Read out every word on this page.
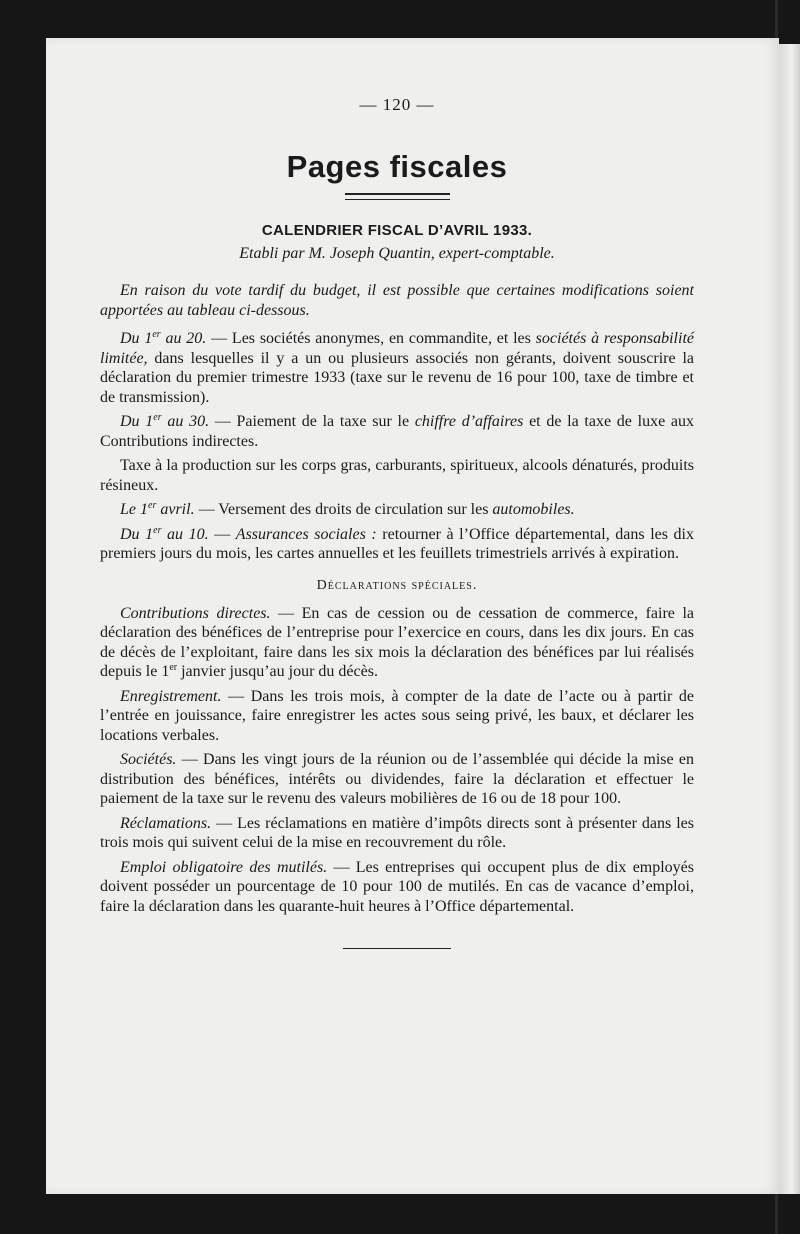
— 120 —
Pages fiscales
CALENDRIER FISCAL D’AVRIL 1933.
Etabli par M. Joseph Quantin, expert-comptable.

En raison du vote tardif du budget, il est possible que certaines modifications soient apportées au tableau ci-dessous.

Du 1er au 20. — Les sociétés anonymes, en commandite, et les sociétés à responsabilité limitée, dans lesquelles il y a un ou plusieurs associés non gérants, doivent souscrire la déclaration du premier trimestre 1933 (taxe sur le revenu de 16 pour 100, taxe de timbre et de transmission).

Du 1er au 30. — Paiement de la taxe sur le chiffre d’affaires et de la taxe de luxe aux Contributions indirectes.

Taxe à la production sur les corps gras, carburants, spiritueux, alcools dénaturés, produits résineux.

Le 1er avril. — Versement des droits de circulation sur les automobiles.

Du 1er au 10. — Assurances sociales : retourner à l’Office départemental, dans les dix premiers jours du mois, les cartes annuelles et les feuillets trimestriels arrivés à expiration.

Déclarations spéciales.

Contributions directes. — En cas de cession ou de cessation de commerce, faire la déclaration des bénéfices de l’entreprise pour l’exercice en cours, dans les dix jours. En cas de décès de l’exploitant, faire dans les six mois la déclaration des bénéfices par lui réalisés depuis le 1er janvier jusqu’au jour du décès.

Enregistrement. — Dans les trois mois, à compter de la date de l’acte ou à partir de l’entrée en jouissance, faire enregistrer les actes sous seing privé, les baux, et déclarer les locations verbales.

Sociétés. — Dans les vingt jours de la réunion ou de l’assemblée qui décide la mise en distribution des bénéfices, intérêts ou dividendes, faire la déclaration et effectuer le paiement de la taxe sur le revenu des valeurs mobilières de 16 ou de 18 pour 100.

Réclamations. — Les réclamations en matière d’impôts directs sont à présenter dans les trois mois qui suivent celui de la mise en recouvrement du rôle.

Emploi obligatoire des mutilés. — Les entreprises qui occupent plus de dix employés doivent posséder un pourcentage de 10 pour 100 de mutilés. En cas de vacance d’emploi, faire la déclaration dans les quarante-huit heures à l’Office départemental.
